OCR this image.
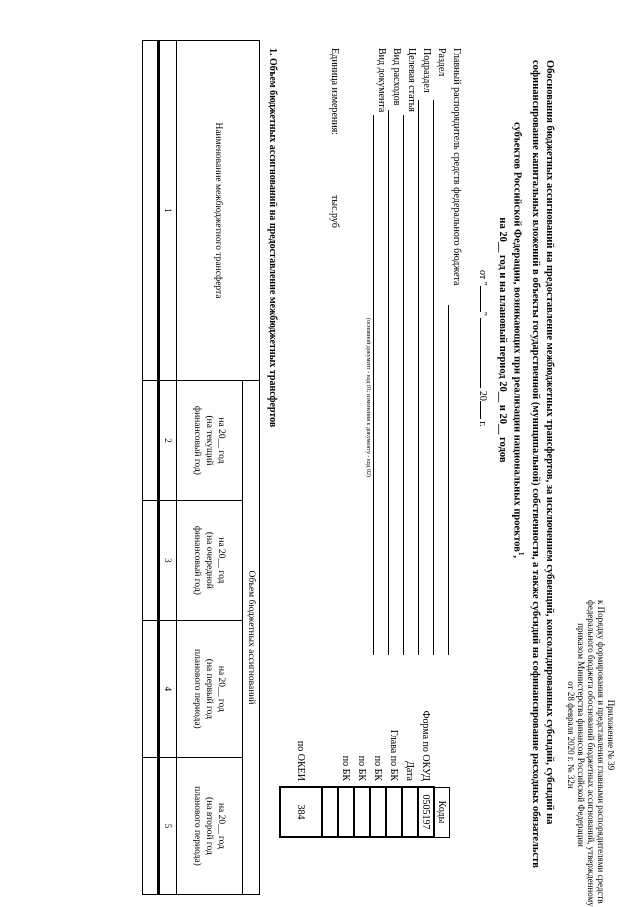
Приложение № 39
к Порядку формирования и представления главными распорядителями средств
федерального бюджета обоснований бюджетных ассигнований, утвержденному
приказом Министерства финансов Российской Федерации
от 28 февраля 2020 г. № 32н
Обоснования бюджетных ассигнований на предоставление межбюджетных трансфертов, за исключением субвенций, консолидированных субсидий, субсидий на
софинансирование капитальных вложений в объекты государственной (муниципальной) собственности, а также субсидий на софинансирование расходных обязательств
субъектов Российской Федерации, возникающих при реализации национальных проектов$^1$,
на 20__ год и на плановый период 20__ и 20__ годов
от ""  20 г.
Главный распорядитель средств федерального бюджета
Раздел
Подраздел
Целевая статья
Вид расходов
Вид документа
(основной документ - код 01; изменения к документу - код 02)
Единица измерения:
тыс.руб
	Коды
Форма по ОКУД	0505197
Дата	
Глава по БК	
по БК	
по БК	
по БК	

по ОКЕИ	384
1. Объем бюджетных ассигнований на предоставление межбюджетных трансфертов
Наименование межбюджетного трансферта	Объем бюджетных ассигнований			
	на 20__ год
(на текущий
финансовый год)	на 20__ год
(на очередной
финансовый год)	на 20__ год
(на первый год
планового периода)	на 20__ год
(на второй год
планового периода)
1	2	3	4	5
